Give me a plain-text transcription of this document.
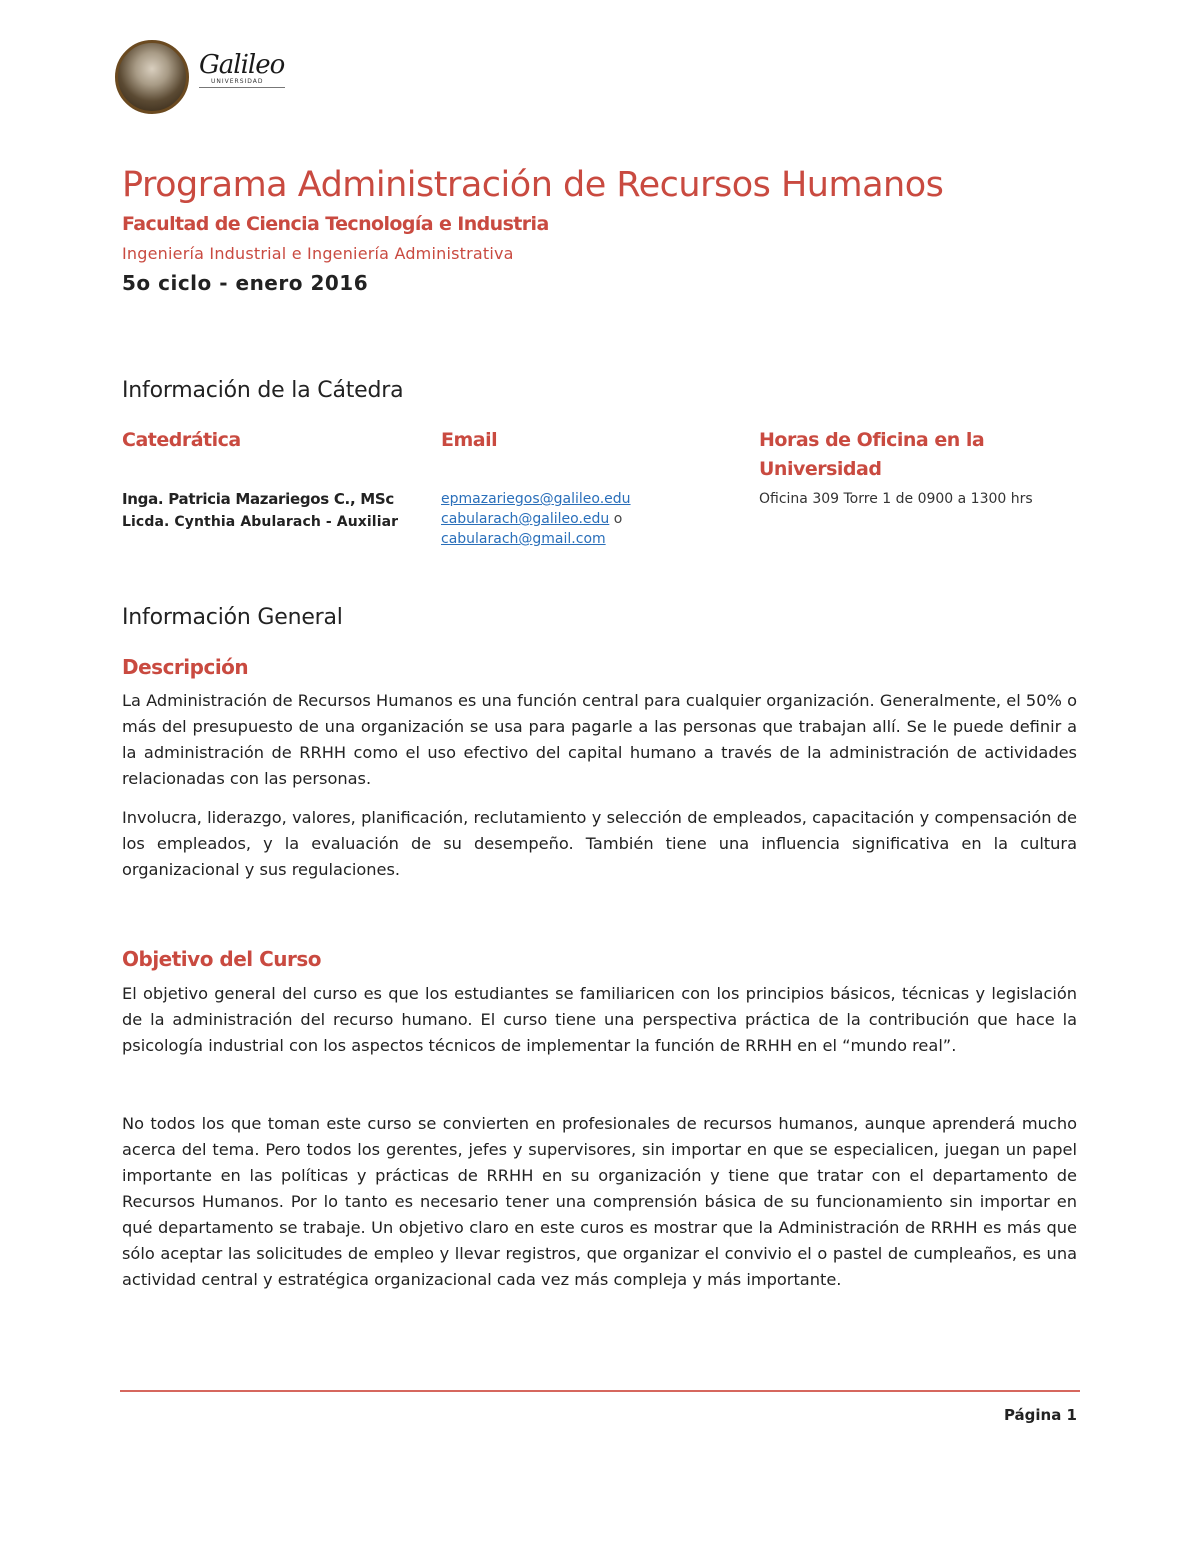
Galileo
UNIVERSIDAD
Programa Administración de Recursos Humanos
Facultad de Ciencia Tecnología e Industria
Ingeniería Industrial e Ingeniería Administrativa
5o ciclo - enero 2016
Información de la Cátedra
Catedrática	Email	Horas de Oficina en la Universidad
Inga. Patricia Mazariegos C., MSc
Licda. Cynthia Abularach - Auxiliar
epmazariegos@galileo.edu
cabularach@galileo.edu o
cabularach@gmail.com
Oficina 309 Torre 1 de 0900 a 1300 hrs
Información General
Descripción

La Administración de Recursos Humanos es una función central para cualquier organización. Generalmente, el 50% o más del presupuesto de una organización se usa para pagarle a las personas que trabajan allí. Se le puede definir a la administración de RRHH como el uso efectivo del capital humano a través de la administración de actividades relacionadas con las personas.

Involucra, liderazgo, valores, planificación, reclutamiento y selección de empleados, capacitación y compensación de los empleados, y la evaluación de su desempeño. También tiene una influencia significativa en la cultura organizacional y sus regulaciones.

Objetivo del Curso

El objetivo general del curso es que los estudiantes se familiaricen con los principios básicos, técnicas y legislación de la administración del recurso humano. El curso tiene una perspectiva práctica de la contribución que hace la psicología industrial con los aspectos técnicos de implementar la función de RRHH en el “mundo real”.

No todos los que toman este curso se convierten en profesionales de recursos humanos, aunque aprenderá mucho acerca del tema. Pero todos los gerentes, jefes y supervisores, sin importar en que se especialicen, juegan un papel importante en las políticas y prácticas de RRHH en su organización y tiene que tratar con el departamento de Recursos Humanos. Por lo tanto es necesario tener una comprensión básica de su funcionamiento sin importar en qué departamento se trabaje. Un objetivo claro en este curos es mostrar que la Administración de RRHH es más que sólo aceptar las solicitudes de empleo y llevar registros, que organizar el convivio el o pastel de cumpleaños, es una actividad central y estratégica organizacional cada vez más compleja y más importante.

Página 1
